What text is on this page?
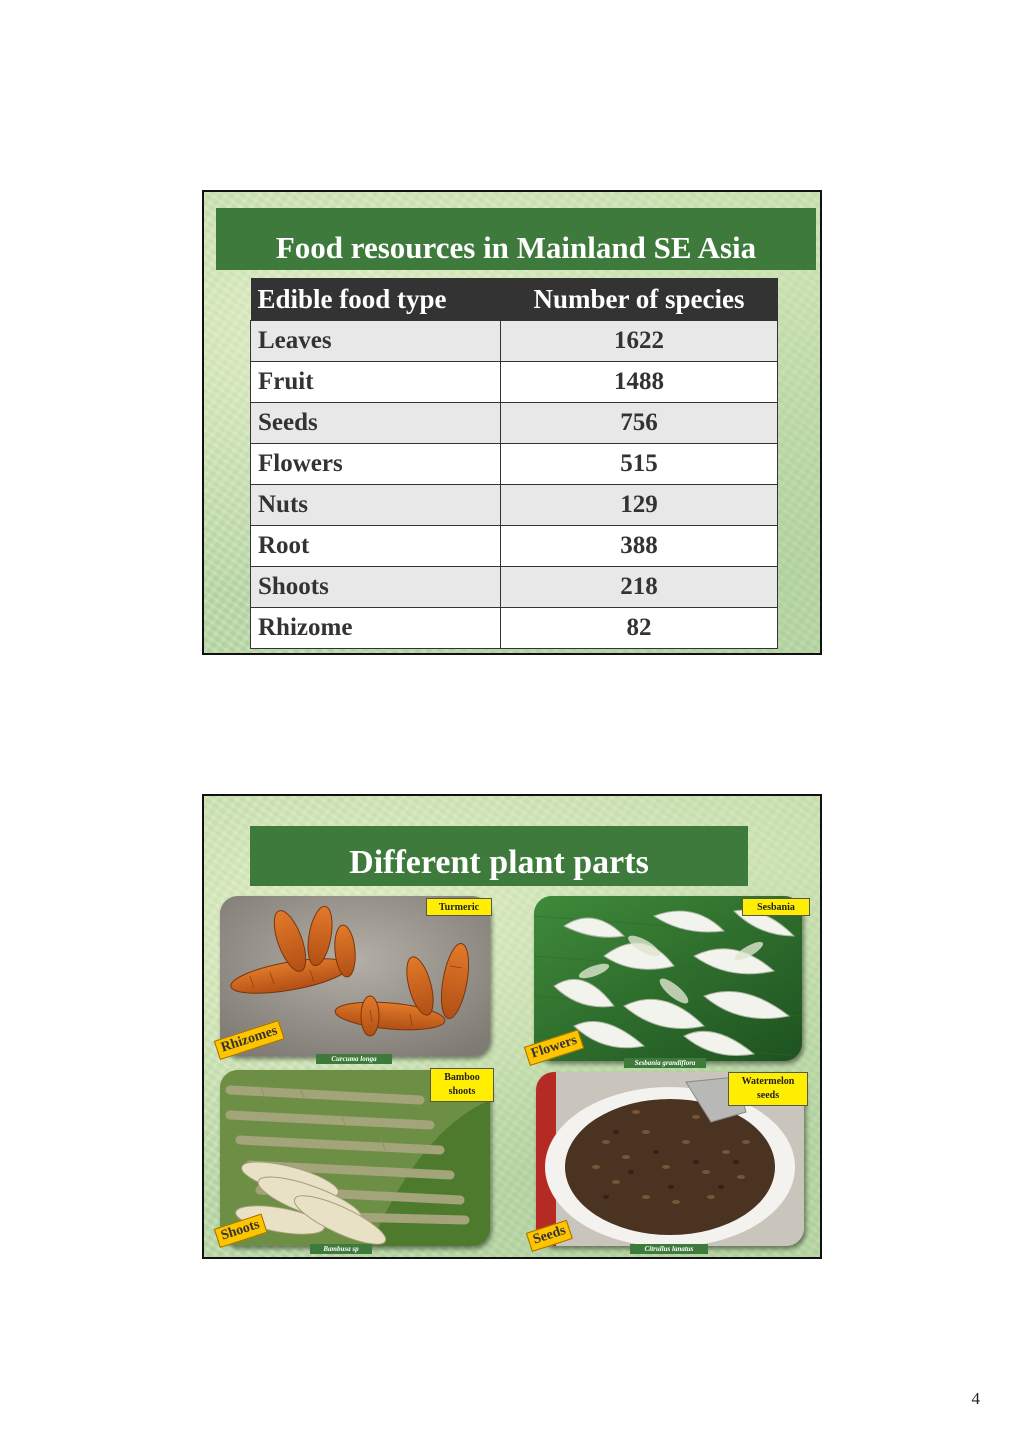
Food resources in Mainland SE Asia
Edible food type	Number of species
Leaves	1622
Fruit	1488
Seeds	756
Flowers	515
Nuts	129
Root	388
Shoots	218
Rhizome	82
Different plant parts
Turmeric
Curcuma longa
Rhizomes
Sesbania
Sesbania grandiflora
Flowers
Bamboo shoots
Bambusa sp
Shoots
Watermelon seeds
Citrullus lanatus
Seeds
4
